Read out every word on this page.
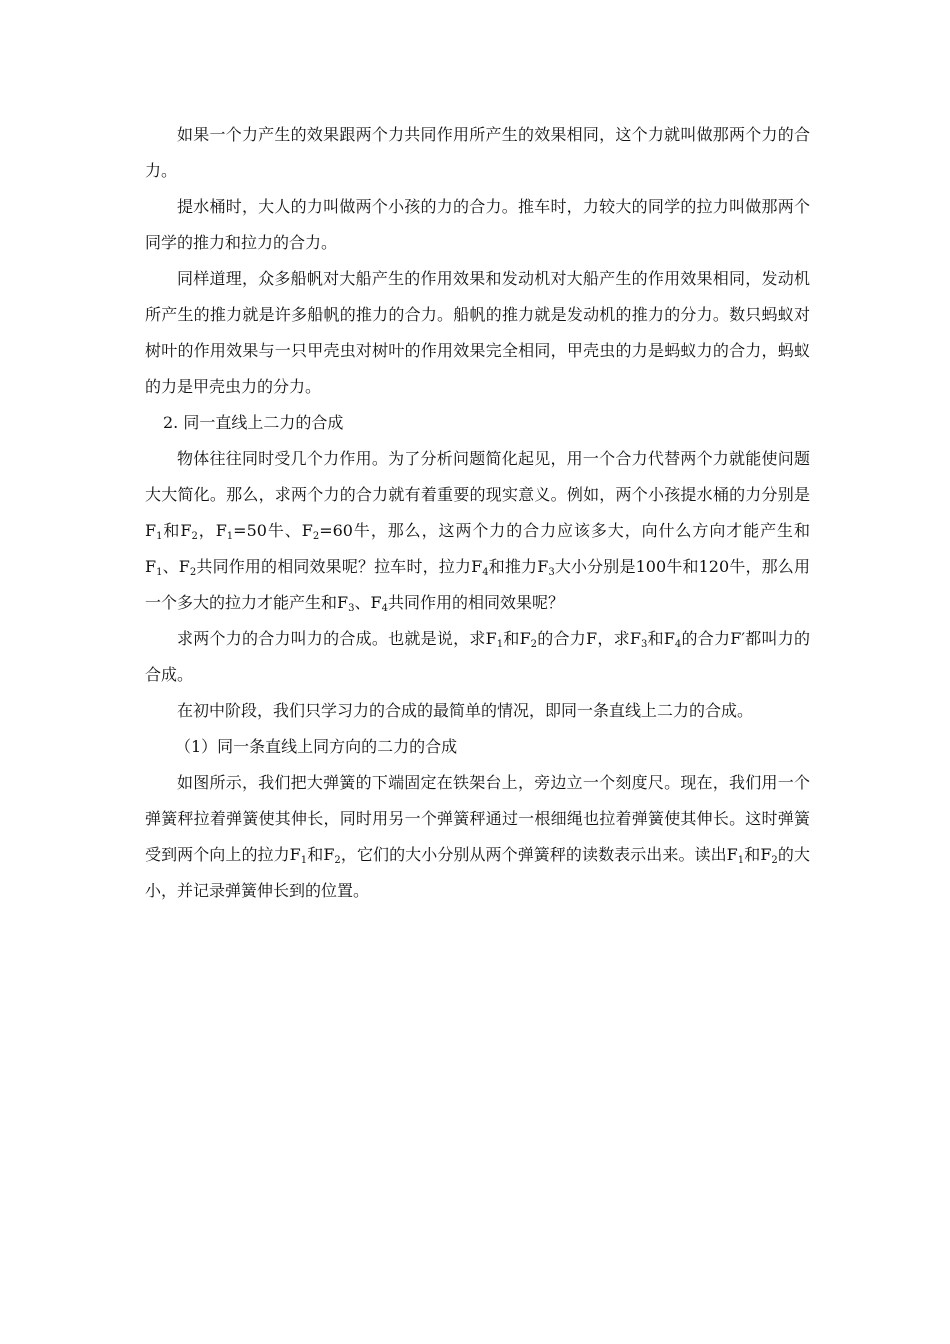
如果一个力产生的效果跟两个力共同作用所产生的效果相同，这个力就叫做那两个力的合力。

提水桶时，大人的力叫做两个小孩的力的合力。推车时，力较大的同学的拉力叫做那两个同学的推力和拉力的合力。

同样道理，众多船帆对大船产生的作用效果和发动机对大船产生的作用效果相同，发动机所产生的推力就是许多船帆的推力的合力。船帆的推力就是发动机的推力的分力。数只蚂蚁对树叶的作用效果与一只甲壳虫对树叶的作用效果完全相同，甲壳虫的力是蚂蚁力的合力，蚂蚁的力是甲壳虫力的分力。

2. 同一直线上二力的合成

物体往往同时受几个力作用。为了分析问题简化起见，用一个合力代替两个力就能使问题大大简化。那么，求两个力的合力就有着重要的现实意义。例如，两个小孩提水桶的力分别是$F_1$和$F_2$，$F_1=50$牛、$F_2=60$牛，那么，这两个力的合力应该多大，向什么方向才能产生和$F_1$、$F_2$共同作用的相同效果呢？拉车时，拉力$F_4$和推力$F_3$大小分别是100牛和120牛，那么用一个多大的拉力才能产生和$F_3$、$F_4$共同作用的相同效果呢？

求两个力的合力叫力的合成。也就是说，求$F_1$和$F_2$的合力F，求$F_3$和$F_4$的合力F′都叫力的合成。

在初中阶段，我们只学习力的合成的最简单的情况，即同一条直线上二力的合成。

（1）同一条直线上同方向的二力的合成

如图所示，我们把大弹簧的下端固定在铁架台上，旁边立一个刻度尺。现在，我们用一个弹簧秤拉着弹簧使其伸长，同时用另一个弹簧秤通过一根细绳也拉着弹簧使其伸长。这时弹簧受到两个向上的拉力$F_1$和$F_2$，它们的大小分别从两个弹簧秤的读数表示出来。读出$F_1$和$F_2$的大小，并记录弹簧伸长到的位置。
